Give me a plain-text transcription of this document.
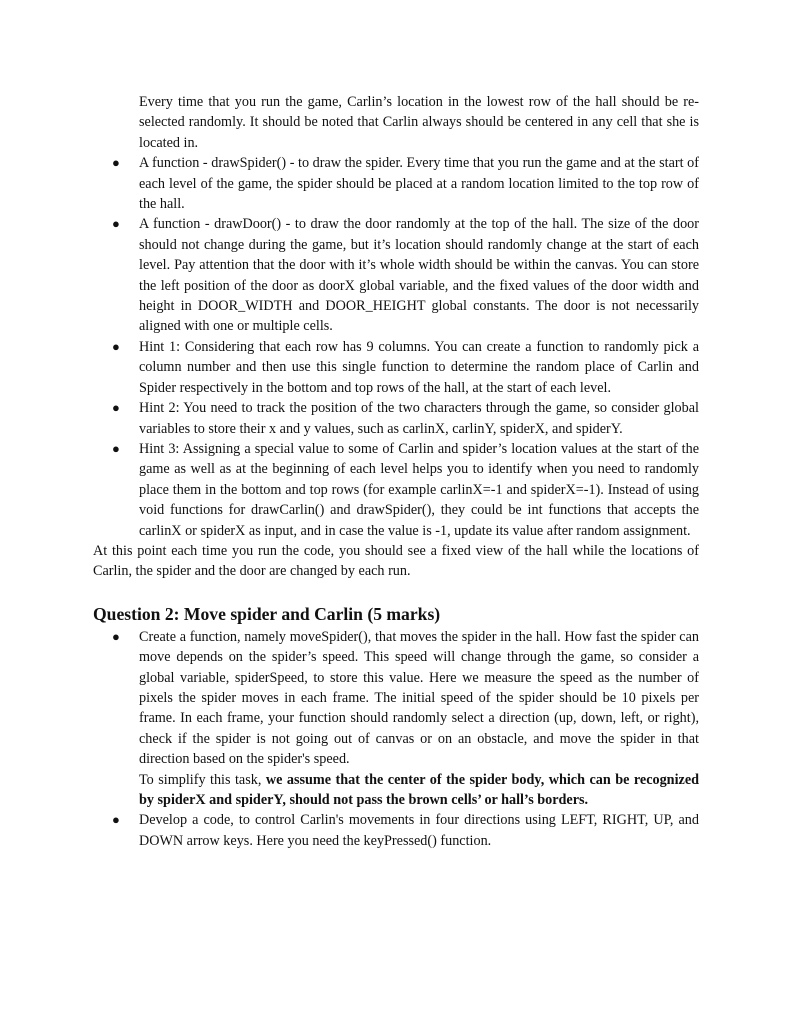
Every time that you run the game, Carlin’s location in the lowest row of the hall should be re-selected randomly. It should be noted that Carlin always should be centered in any cell that she is located in.

● A function - drawSpider() - to draw the spider. Every time that you run the game and at the start of each level of the game, the spider should be placed at a random location limited to the top row of the hall.
● A function - drawDoor() - to draw the door randomly at the top of the hall. The size of the door should not change during the game, but it’s location should randomly change at the start of each level. Pay attention that the door with it’s whole width should be within the canvas. You can store the left position of the door as doorX global variable, and the fixed values of the door width and height in DOOR_WIDTH and DOOR_HEIGHT global constants. The door is not necessarily aligned with one or multiple cells.
● Hint 1: Considering that each row has 9 columns. You can create a function to randomly pick a column number and then use this single function to determine the random place of Carlin and Spider respectively in the bottom and top rows of the hall, at the start of each level.
● Hint 2: You need to track the position of the two characters through the game, so consider global variables to store their x and y values, such as carlinX, carlinY, spiderX, and spiderY.
● Hint 3: Assigning a special value to some of Carlin and spider’s location values at the start of the game as well as at the beginning of each level helps you to identify when you need to randomly place them in the bottom and top rows (for example carlinX=-1 and spiderX=-1). Instead of using void functions for drawCarlin() and drawSpider(), they could be int functions that accepts the carlinX or spiderX as input, and in case the value is -1, update its value after random assignment.

At this point each time you run the code, you should see a fixed view of the hall while the locations of Carlin, the spider and the door are changed by each run.

Question 2: Move spider and Carlin (5 marks)
● Create a function, namely moveSpider(), that moves the spider in the hall. How fast the spider can move depends on the spider’s speed. This speed will change through the game, so consider a global variable, spiderSpeed, to store this value. Here we measure the speed as the number of pixels the spider moves in each frame. The initial speed of the spider should be 10 pixels per frame. In each frame, your function should randomly select a direction (up, down, left, or right), check if the spider is not going out of canvas or on an obstacle, and move the spider in that direction based on the spider's speed.

To simplify this task, we assume that the center of the spider body, which can be recognized by spiderX and spiderY, should not pass the brown cells’ or hall’s borders.

● Develop a code, to control Carlin's movements in four directions using LEFT, RIGHT, UP, and DOWN arrow keys. Here you need the keyPressed() function.
